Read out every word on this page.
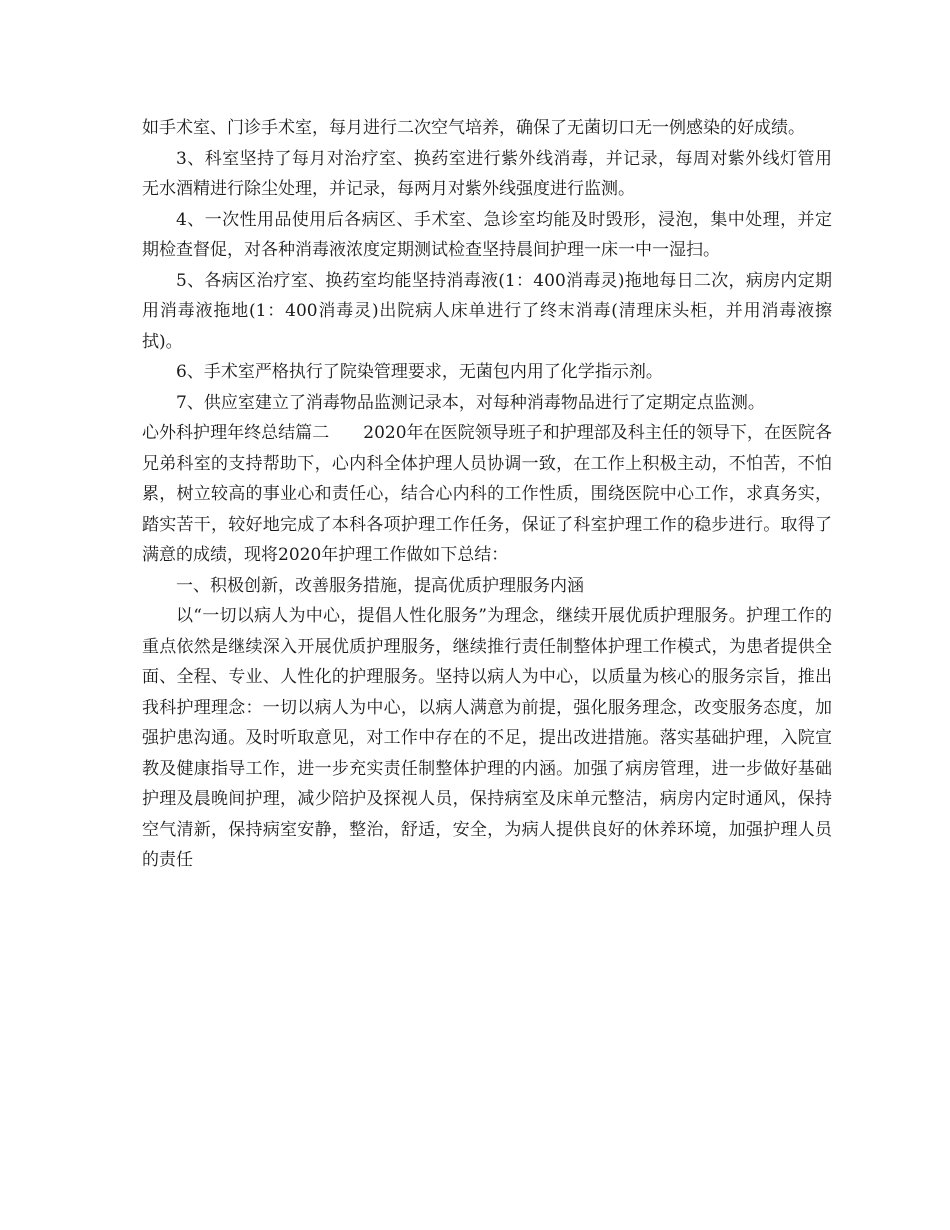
如手术室、门诊手术室，每月进行二次空气培养，确保了无菌切口无一例感染的好成绩。

3、科室坚持了每月对治疗室、换药室进行紫外线消毒，并记录，每周对紫外线灯管用无水酒精进行除尘处理，并记录，每两月对紫外线强度进行监测。

4、一次性用品使用后各病区、手术室、急诊室均能及时毁形，浸泡，集中处理，并定期检查督促，对各种消毒液浓度定期测试检查坚持晨间护理一床一中一湿扫。

5、各病区治疗室、换药室均能坚持消毒液(1：400消毒灵)拖地每日二次，病房内定期用消毒液拖地(1：400消毒灵)出院病人床单进行了终末消毒(清理床头柜，并用消毒液擦拭)。

6、手术室严格执行了院染管理要求，无菌包内用了化学指示剂。

7、供应室建立了消毒物品监测记录本，对每种消毒物品进行了定期定点监测。

心外科护理年终总结篇二　　2020年在医院领导班子和护理部及科主任的领导下，在医院各兄弟科室的支持帮助下，心内科全体护理人员协调一致，在工作上积极主动，不怕苦，不怕累，树立较高的事业心和责任心，结合心内科的工作性质，围绕医院中心工作，求真务实，踏实苦干，较好地完成了本科各项护理工作任务，保证了科室护理工作的稳步进行。取得了满意的成绩，现将2020年护理工作做如下总结：

一、积极创新，改善服务措施，提高优质护理服务内涵

以“一切以病人为中心，提倡人性化服务”为理念，继续开展优质护理服务。护理工作的重点依然是继续深入开展优质护理服务，继续推行责任制整体护理工作模式，为患者提供全面、全程、专业、人性化的护理服务。坚持以病人为中心，以质量为核心的服务宗旨，推出我科护理理念：一切以病人为中心，以病人满意为前提，强化服务理念，改变服务态度，加强护患沟通。及时听取意见，对工作中存在的不足，提出改进措施。落实基础护理，入院宣教及健康指导工作，进一步充实责任制整体护理的内涵。加强了病房管理，进一步做好基础护理及晨晚间护理，减少陪护及探视人员，保持病室及床单元整洁，病房内定时通风，保持空气清新，保持病室安静，整治，舒适，安全，为病人提供良好的休养环境，加强护理人员的责任
